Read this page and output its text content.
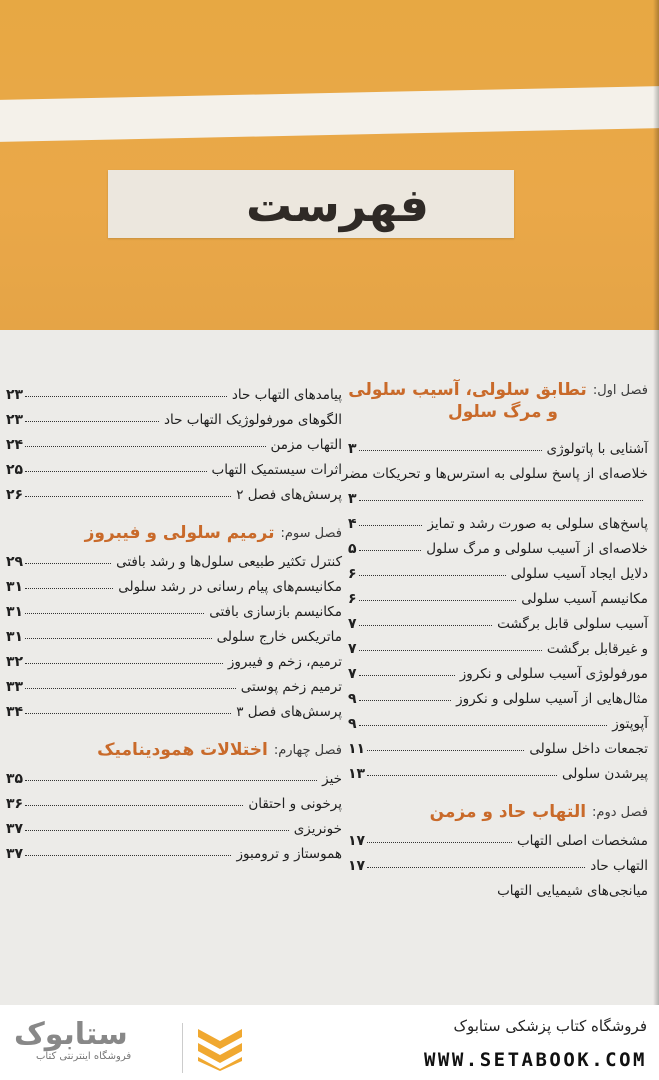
فهرست
فصل اول:
تطابق سلولی، آسیب سلولی
و مرگ سلول
آشنایی با پاتولوژی
۳
خلاصه‌ای از پاسخ سلولی به استرس‌ها و تحریکات مضر
۳
پاسخ‌های سلولی به صورت رشد و تمایز
۴
خلاصه‌ای از آسیب سلولی و مرگ سلول
۵
دلایل ایجاد آسیب سلولی
۶
مکانیسم آسیب سلولی
۶
آسیب سلولی قابل برگشت
۷
و غیرقابل برگشت
۷
مورفولوژی آسیب سلولی و نکروز
۷
مثال‌هایی از آسیب سلولی و نکروز
۹
آپوپتوز
۹
تجمعات داخل سلولی
۱۱
پیرشدن سلولی
۱۳
فصل دوم:
التهاب حاد و مزمن
مشخصات اصلی التهاب
۱۷
التهاب حاد
۱۷
میانجی‌های شیمیایی التهاب
پیامدهای التهاب حاد
۲۳
الگوهای مورفولوژیک التهاب حاد
۲۳
التهاب مزمن
۲۴
اثرات سیستمیک التهاب
۲۵
پرسش‌های فصل ۲
۲۶
فصل سوم:
ترمیم سلولی و فیبروز
کنترل تکثیر طبیعی سلول‌ها و رشد بافتی
۲۹
مکانیسم‌های پیام رسانی در رشد سلولی
۳۱
مکانیسم بازسازی بافتی
۳۱
ماتریکس خارج سلولی
۳۱
ترمیم، زخم و فیبروز
۳۲
ترمیم زخم پوستی
۳۳
پرسش‌های فصل ۳
۳۴
فصل چهارم:
اختلالات همودینامیک
خیز
۳۵
پرخونی و احتقان
۳۶
خونریزی
۳۷
هموستاز و ترومبوز
۳۷
ستابوک
فروشگاه اینترنتی کتاب
فروشگاه کتاب پزشکی ستابوک
WWW.SETABOOK.COM
